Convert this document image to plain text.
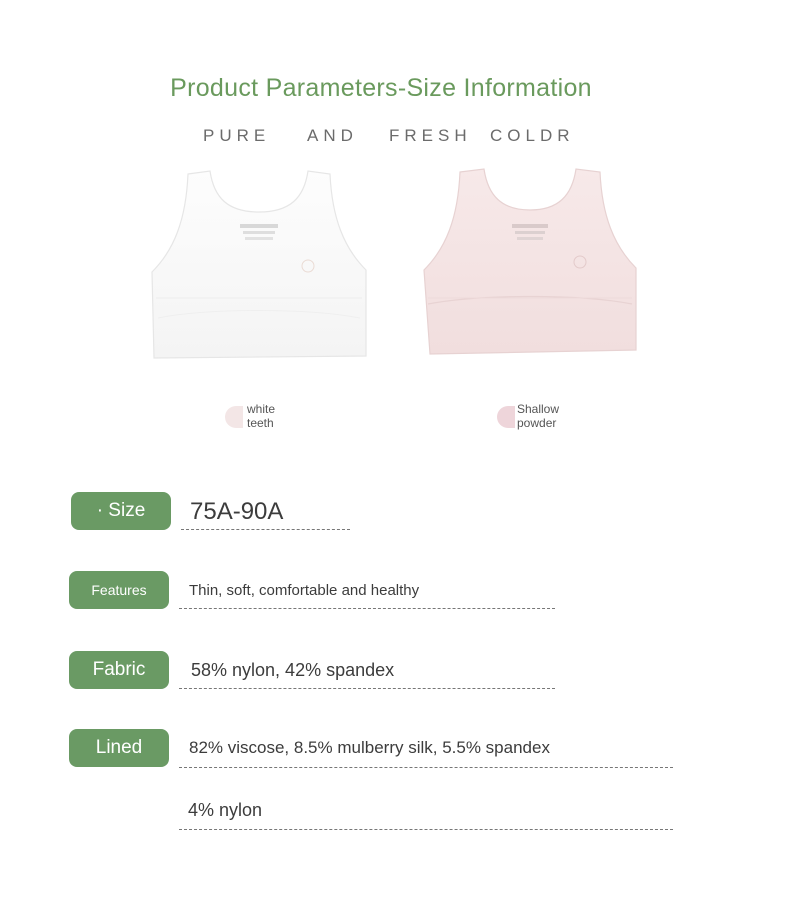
Product Parameters-Size Information
PURE AND FRESH COLDR
white
teeth
Shallow
powder
· Size	75A-90A
Features	Thin, soft, comfortable and healthy
Fabric	58% nylon, 42% spandex
Lined	82% viscose, 8.5% mulberry silk, 5.5% spandex
4% nylon
